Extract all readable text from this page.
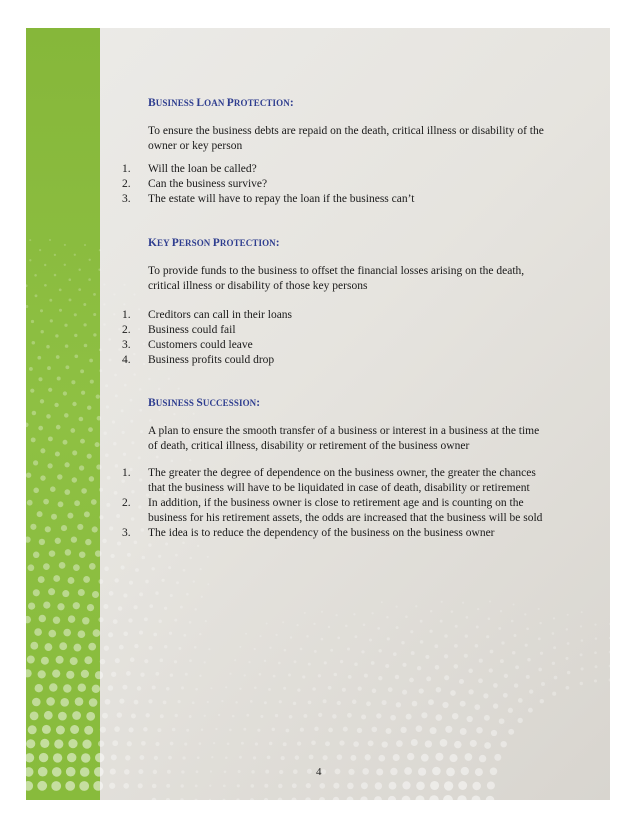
BUSINESS LOAN PROTECTION:
To ensure the business debts are repaid on the death, critical illness or disability of the owner or key person
1. Will the loan be called?
2. Can the business survive?
3. The estate will have to repay the loan if the business can’t
KEY PERSON PROTECTION:
To provide funds to the business to offset the financial losses arising on the death, critical illness or disability of those key persons
1. Creditors can call in their loans
2. Business could fail
3. Customers could leave
4. Business profits could drop
BUSINESS SUCCESSION:
A plan to ensure the smooth transfer of a business or interest in a business at the time of death, critical illness, disability or retirement of the business owner
1. The greater the degree of dependence on the business owner, the greater the chances that the business will have to be liquidated in case of death, disability or retirement
2. In addition, if the business owner is close to retirement age and is counting on the business for his retirement assets, the odds are increased that the business will be sold
3. The idea is to reduce the dependency of the business on the business owner
4
